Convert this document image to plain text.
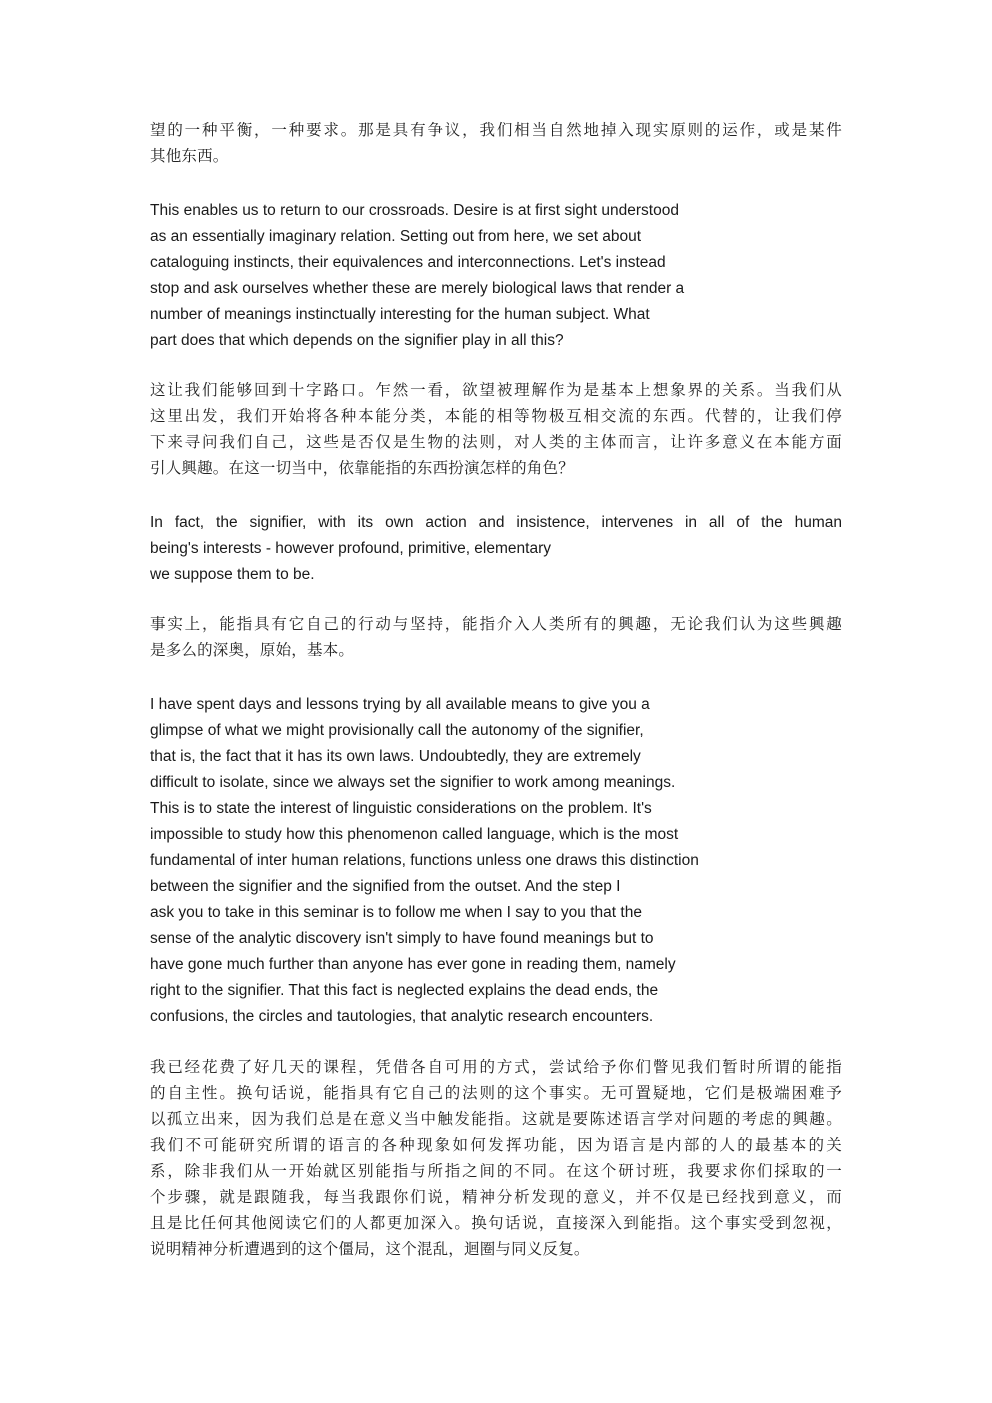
望的一种平衡，一种要求。那是具有争议，我们相当自然地掉入现实原则的运作，或是某件
其他东西。
This enables us to return to our crossroads. Desire is at first sight understood
as an essentially imaginary relation. Setting out from here, we set about
cataloguing instincts, their equivalences and interconnections. Let's instead
stop and ask ourselves whether these are merely biological laws that render a
number of meanings instinctually interesting for the human subject. What
part does that which depends on the signifier play in all this?
这让我们能够回到十字路口。乍然一看，欲望被理解作为是基本上想象界的关系。当我们从
这里出发，我们开始将各种本能分类，本能的相等物极互相交流的东西。代替的，让我们停
下来寻问我们自己，这些是否仅是生物的法则，对人类的主体而言，让许多意义在本能方面
引人興趣。在这一切当中，依靠能指的东西扮演怎样的角色？
In fact, the signifier, with its own action and insistence, intervenes in all of the human
being's interests - however profound, primitive, elementary
we suppose them to be.
事实上，能指具有它自己的行动与坚持，能指介入人类所有的興趣，无论我们认为这些興趣
是多么的深奥，原始，基本。
I have spent days and lessons trying by all available means to give you a
glimpse of what we might provisionally call the autonomy of the signifier,
that is, the fact that it has its own laws. Undoubtedly, they are extremely
difficult to isolate, since we always set the signifier to work among meanings.
This is to state the interest of linguistic considerations on the problem. It's
impossible to study how this phenomenon called language, which is the most
fundamental of inter human relations, functions unless one draws this distinction
between the signifier and the signified from the outset. And the step I
ask you to take in this seminar is to follow me when I say to you that the
sense of the analytic discovery isn't simply to have found meanings but to
have gone much further than anyone has ever gone in reading them, namely
right to the signifier. That this fact is neglected explains the dead ends, the
confusions, the circles and tautologies, that analytic research encounters.
我已经花费了好几天的课程，凭借各自可用的方式，尝试给予你们瞥见我们暂时所谓的能指
的自主性。换句话说，能指具有它自己的法则的这个事实。无可置疑地，它们是极端困难予
以孤立出来，因为我们总是在意义当中触发能指。这就是要陈述语言学对问题的考虑的興趣。
我们不可能研究所谓的语言的各种现象如何发挥功能，因为语言是内部的人的最基本的关
系，除非我们从一开始就区别能指与所指之间的不同。在这个研讨班，我要求你们採取的一
个步骤，就是跟随我，每当我跟你们说，精神分析发现的意义，并不仅是已经找到意义，而
且是比任何其他阅读它们的人都更加深入。换句话说，直接深入到能指。这个事实受到忽视，
说明精神分析遭遇到的这个僵局，这个混乱，迴圈与同义反复。
